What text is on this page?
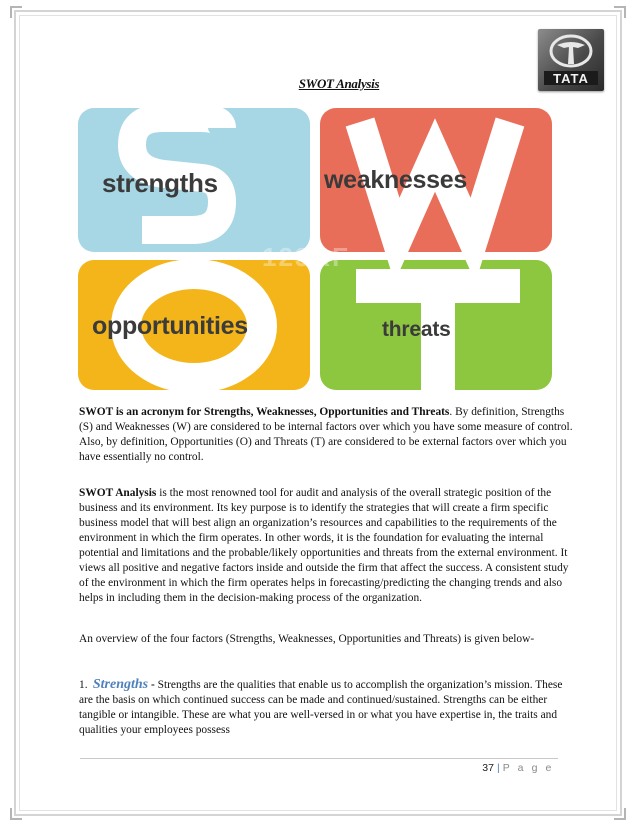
TATA
SWOT Analysis
strengths	weaknesses
opportunities	threats
123RF
SWOT is an acronym for Strengths, Weaknesses, Opportunities and Threats. By definition, Strengths (S) and Weaknesses (W) are considered to be internal factors over which you have some measure of control. Also, by definition, Opportunities (O) and Threats (T) are considered to be external factors over which you have essentially no control.
SWOT Analysis is the most renowned tool for audit and analysis of the overall strategic position of the business and its environment. Its key purpose is to identify the strategies that will create a firm specific business model that will best align an organization’s resources and capabilities to the requirements of the environment in which the firm operates. In other words, it is the foundation for evaluating the internal potential and limitations and the probable/likely opportunities and threats from the external environment. It views all positive and negative factors inside and outside the firm that affect the success. A consistent study of the environment in which the firm operates helps in forecasting/predicting the changing trends and also helps in including them in the decision-making process of the organization.
An overview of the four factors (Strengths, Weaknesses, Opportunities and Threats) is given below-
1. Strengths - Strengths are the qualities that enable us to accomplish the organization’s mission. These are the basis on which continued success can be made and continued/sustained. Strengths can be either tangible or intangible. These are what you are well-versed in or what you have expertise in, the traits and qualities your employees possess
37 | P a g e
